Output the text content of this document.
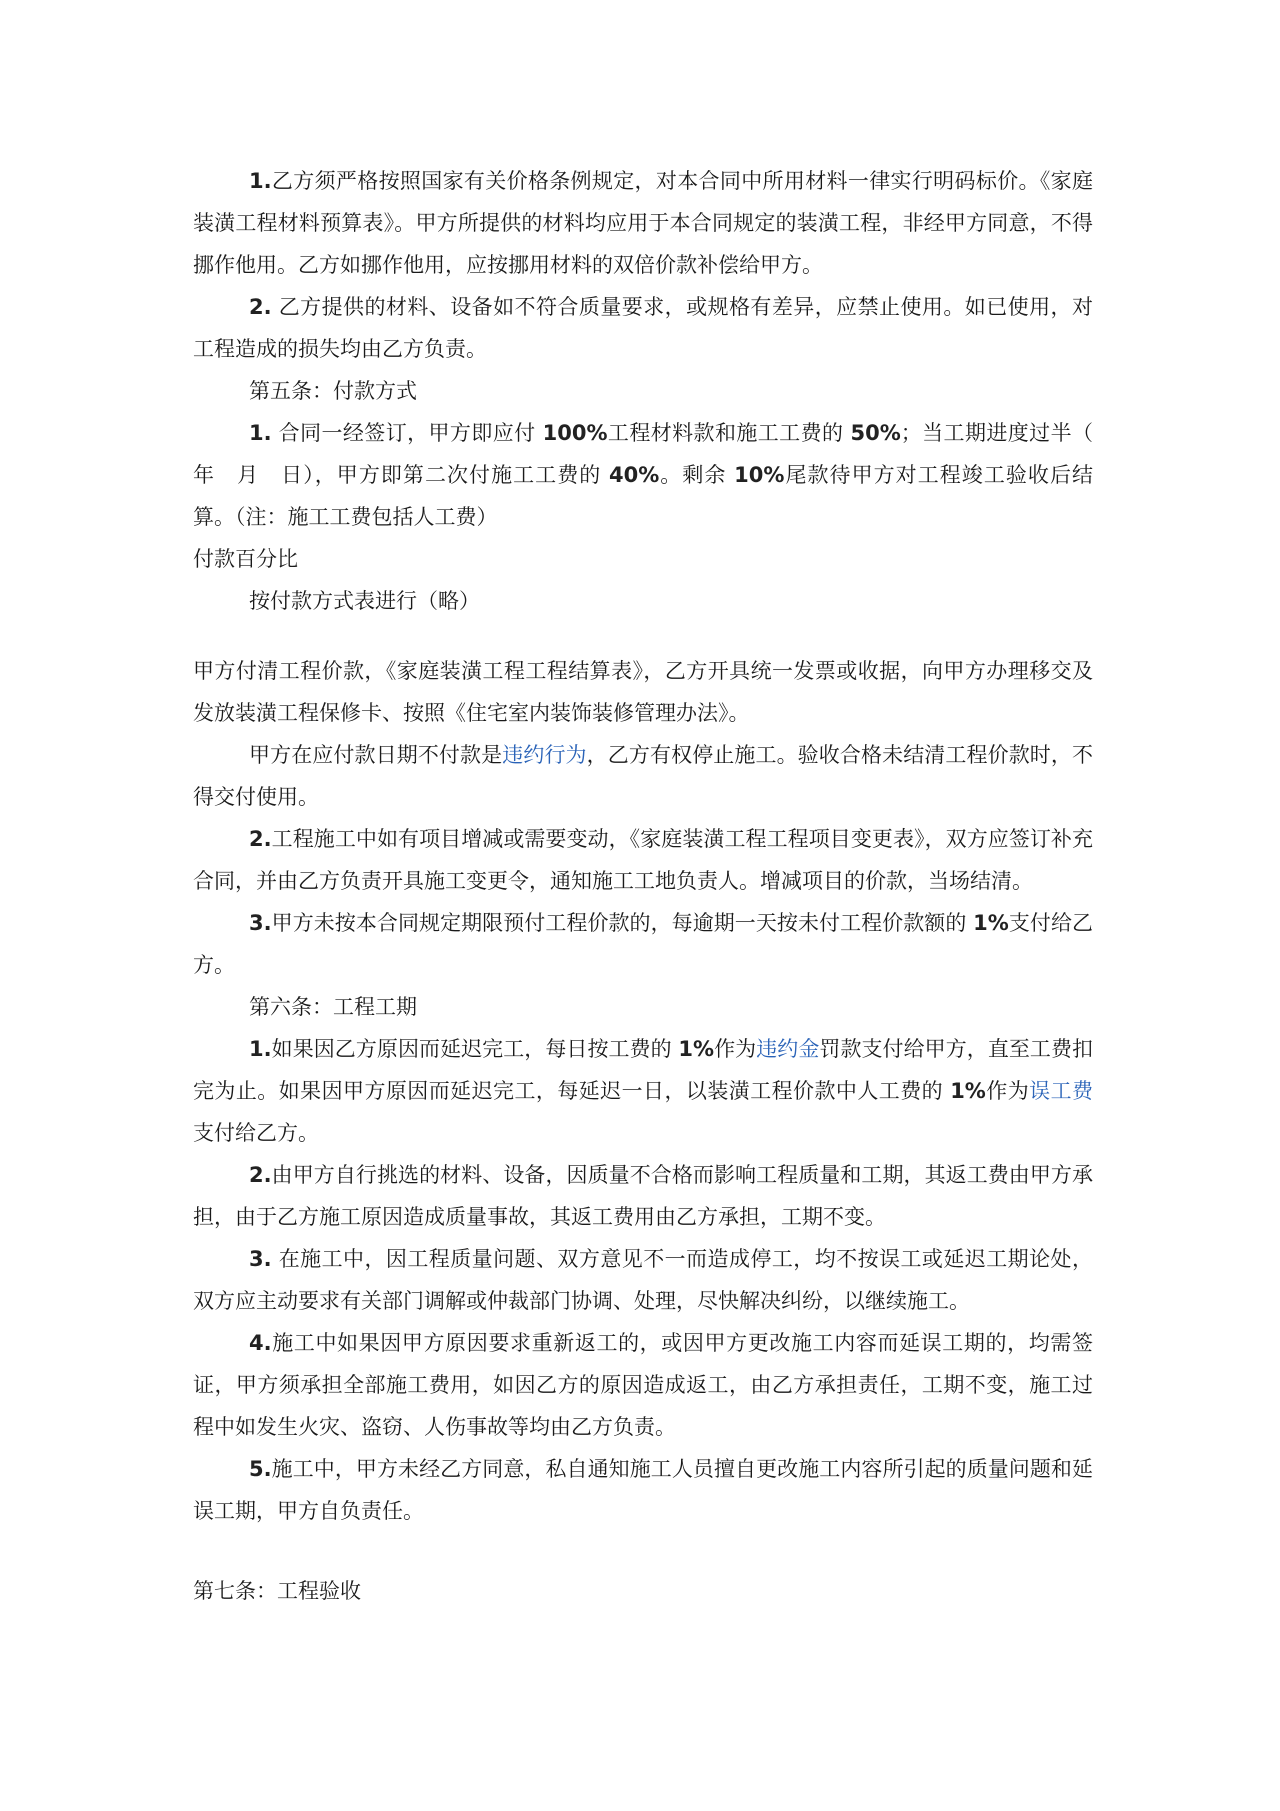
1.乙方须严格按照国家有关价格条例规定，对本合同中所用材料一律实行明码标价。《家庭装潢工程材料预算表》。甲方所提供的材料均应用于本合同规定的装潢工程，非经甲方同意，不得挪作他用。乙方如挪作他用，应按挪用材料的双倍价款补偿给甲方。

2. 乙方提供的材料、设备如不符合质量要求，或规格有差异，应禁止使用。如已使用，对工程造成的损失均由乙方负责。

第五条：付款方式

1. 合同一经签订，甲方即应付 100%工程材料款和施工工费的 50%；当工期进度过半（　年　月　日），甲方即第二次付施工工费的 40%。剩余 10%尾款待甲方对工程竣工验收后结算。（注：施工工费包括人工费）

付款百分比

按付款方式表进行（略）

甲方付清工程价款，《家庭装潢工程工程结算表》，乙方开具统一发票或收据，向甲方办理移交及发放装潢工程保修卡、按照《住宅室内装饰装修管理办法》。

甲方在应付款日期不付款是违约行为，乙方有权停止施工。验收合格未结清工程价款时，不得交付使用。

2.工程施工中如有项目增减或需要变动，《家庭装潢工程工程项目变更表》，双方应签订补充合同，并由乙方负责开具施工变更令，通知施工工地负责人。增减项目的价款，当场结清。

3.甲方未按本合同规定期限预付工程价款的，每逾期一天按未付工程价款额的 1%支付给乙方。

第六条：工程工期

1.如果因乙方原因而延迟完工，每日按工费的 1%作为违约金罚款支付给甲方，直至工费扣完为止。如果因甲方原因而延迟完工，每延迟一日，以装潢工程价款中人工费的 1%作为误工费支付给乙方。

2.由甲方自行挑选的材料、设备，因质量不合格而影响工程质量和工期，其返工费由甲方承担，由于乙方施工原因造成质量事故，其返工费用由乙方承担，工期不变。

3. 在施工中，因工程质量问题、双方意见不一而造成停工，均不按误工或延迟工期论处，双方应主动要求有关部门调解或仲裁部门协调、处理，尽快解决纠纷，以继续施工。

4.施工中如果因甲方原因要求重新返工的，或因甲方更改施工内容而延误工期的，均需签证，甲方须承担全部施工费用，如因乙方的原因造成返工，由乙方承担责任，工期不变，施工过程中如发生火灾、盗窃、人伤事故等均由乙方负责。

5.施工中，甲方未经乙方同意，私自通知施工人员擅自更改施工内容所引起的质量问题和延误工期，甲方自负责任。

第七条：工程验收
